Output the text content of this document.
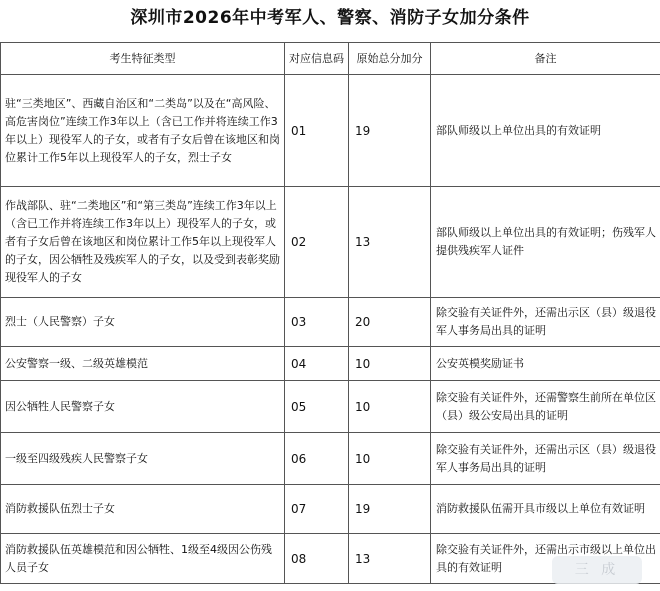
深圳市2026年中考军人、警察、消防子女加分条件
考生特征类型	对应信息码	原始总分加分	备注
驻“三类地区”、西藏自治区和“二类岛”以及在“高风险、高危害岗位”连续工作3年以上（含已工作并将连续工作3年以上）现役军人的子女，或者有子女后曾在该地区和岗位累计工作5年以上现役军人的子女，烈士子女	01	19	部队师级以上单位出具的有效证明
作战部队、驻“二类地区”和“第三类岛”连续工作3年以上（含已工作并将连续工作3年以上）现役军人的子女，或者有子女后曾在该地区和岗位累计工作5年以上现役军人的子女，因公牺牲及残疾军人的子女，以及受到表彰奖励现役军人的子女	02	13	部队师级以上单位出具的有效证明；伤残军人提供残疾军人证件
烈士（人民警察）子女	03	20	除交验有关证件外，还需出示区（县）级退役军人事务局出具的证明
公安警察一级、二级英雄模范	04	10	公安英模奖励证书
因公牺牲人民警察子女	05	10	除交验有关证件外，还需警察生前所在单位区（县）级公安局出具的证明
一级至四级残疾人民警察子女	06	10	除交验有关证件外，还需出示区（县）级退役军人事务局出具的证明
消防救援队伍烈士子女	07	19	消防救援队伍需开具市级以上单位有效证明
消防救援队伍英雄模范和因公牺牲、1级至4级因公伤残人员子女	08	13	除交验有关证件外，还需出示市级以上单位出具的有效证明	三 成
